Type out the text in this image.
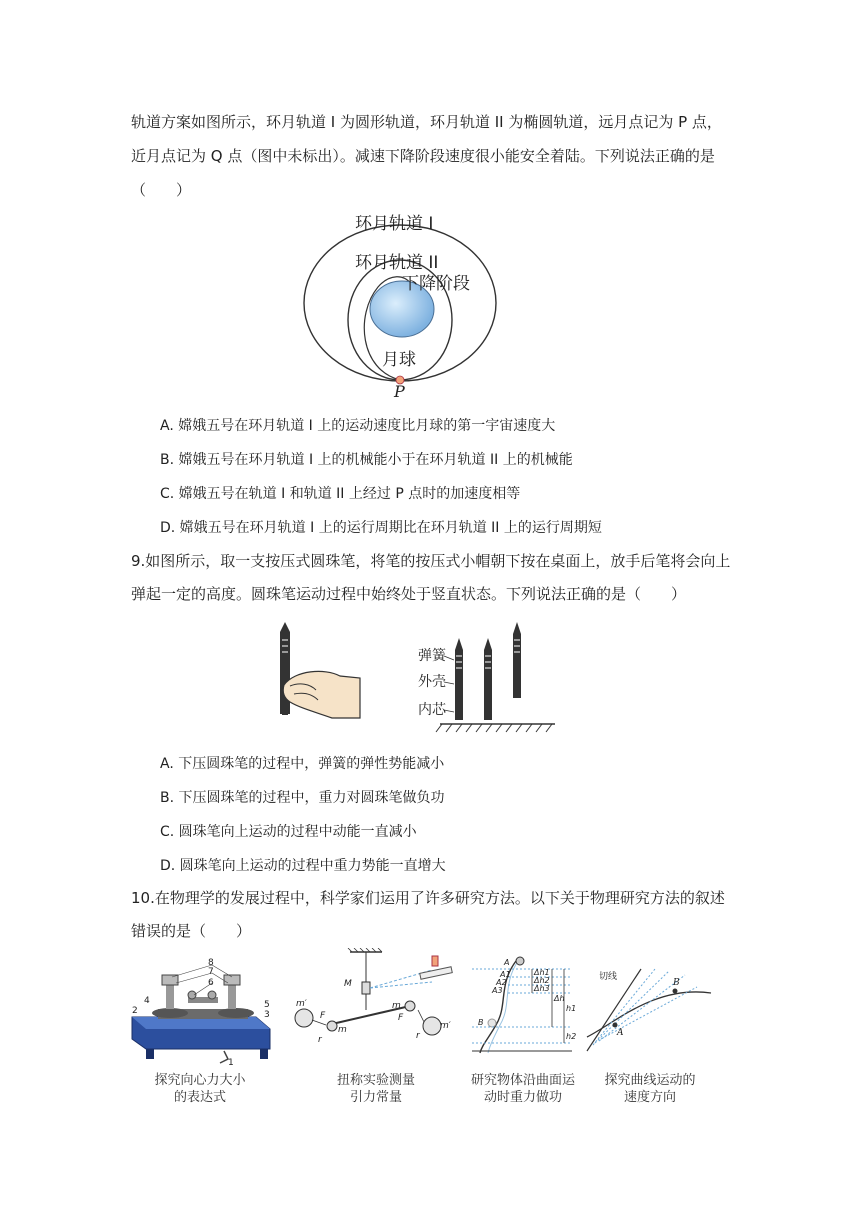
轨道方案如图所示，环月轨道 I 为圆形轨道，环月轨道 II 为椭圆轨道，远月点记为 P 点，
近月点记为 Q 点（图中未标出）。减速下降阶段速度很小能安全着陆。下列说法正确的是
（　　）
环月轨道 I
环月轨道 II
下降阶段
月球
P
A. 嫦娥五号在环月轨道 I 上的运动速度比月球的第一宇宙速度大
B. 嫦娥五号在环月轨道 I 上的机械能小于在环月轨道 II 上的机械能
C. 嫦娥五号在轨道 I 和轨道 II 上经过 P 点时的加速度相等
D. 嫦娥五号在环月轨道 I 上的运行周期比在环月轨道 II 上的运行周期短
9.如图所示，取一支按压式圆珠笔，将笔的按压式小帽朝下按在桌面上，放手后笔将会向上
弹起一定的高度。圆珠笔运动过程中始终处于竖直状态。下列说法正确的是（　　）
弹簧
外壳
内芯
A. 下压圆珠笔的过程中，弹簧的弹性势能减小
B. 下压圆珠笔的过程中，重力对圆珠笔做负功
C. 圆珠笔向上运动的过程中动能一直减小
D. 圆珠笔向上运动的过程中重力势能一直增大
10.在物理学的发展过程中，科学家们运用了许多研究方法。以下关于物理研究方法的叙述
错误的是（　　）
8
7
6
4
2
5
3
1
M
m′
F
m
r
m
F
m′
r
A
A1
A2
A3
Δh1
Δh2
Δh3
Δh
h1
B
h2
切线
B
A
探究向心力大小
的表达式
扭称实验测量
引力常量
研究物体沿曲面运
动时重力做功
探究曲线运动的
速度方向
